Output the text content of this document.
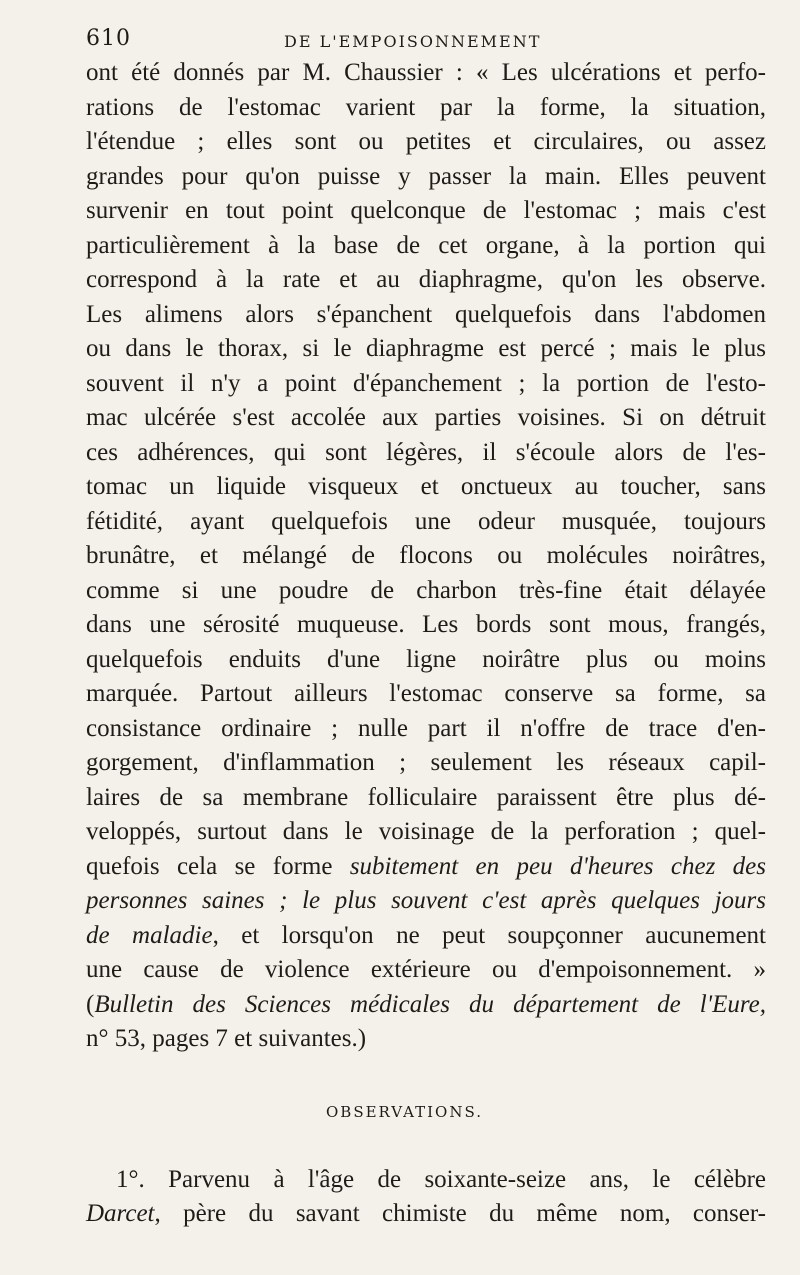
610	DE L'EMPOISONNEMENT

ont été donnés par M. Chaussier : « Les ulcérations et perfo-
rations de l'estomac varient par la forme, la situation,
l'étendue ; elles sont ou petites et circulaires, ou assez
grandes pour qu'on puisse y passer la main. Elles peuvent
survenir en tout point quelconque de l'estomac ; mais c'est
particulièrement à la base de cet organe, à la portion qui
correspond à la rate et au diaphragme, qu'on les observe.
Les alimens alors s'épanchent quelquefois dans l'abdomen
ou dans le thorax, si le diaphragme est percé ; mais le plus
souvent il n'y a point d'épanchement ; la portion de l'esto-
mac ulcérée s'est accolée aux parties voisines. Si on détruit
ces adhérences, qui sont légères, il s'écoule alors de l'es-
tomac un liquide visqueux et onctueux au toucher, sans
fétidité, ayant quelquefois une odeur musquée, toujours
brunâtre, et mélangé de flocons ou molécules noirâtres,
comme si une poudre de charbon très-fine était délayée
dans une sérosité muqueuse. Les bords sont mous, frangés,
quelquefois enduits d'une ligne noirâtre plus ou moins
marquée. Partout ailleurs l'estomac conserve sa forme, sa
consistance ordinaire ; nulle part il n'offre de trace d'en-
gorgement, d'inflammation ; seulement les réseaux capil-
laires de sa membrane folliculaire paraissent être plus dé-
veloppés, surtout dans le voisinage de la perforation ; quel-
quefois cela se forme subitement en peu d'heures chez des
personnes saines ; le plus souvent c'est après quelques jours
de maladie, et lorsqu'on ne peut soupçonner aucunement
une cause de violence extérieure ou d'empoisonnement. »
(Bulletin des Sciences médicales du département de l'Eure,
n° 53, pages 7 et suivantes.)

OBSERVATIONS.

1°. Parvenu à l'âge de soixante-seize ans, le célèbre
Darcet, père du savant chimiste du même nom, conser-
